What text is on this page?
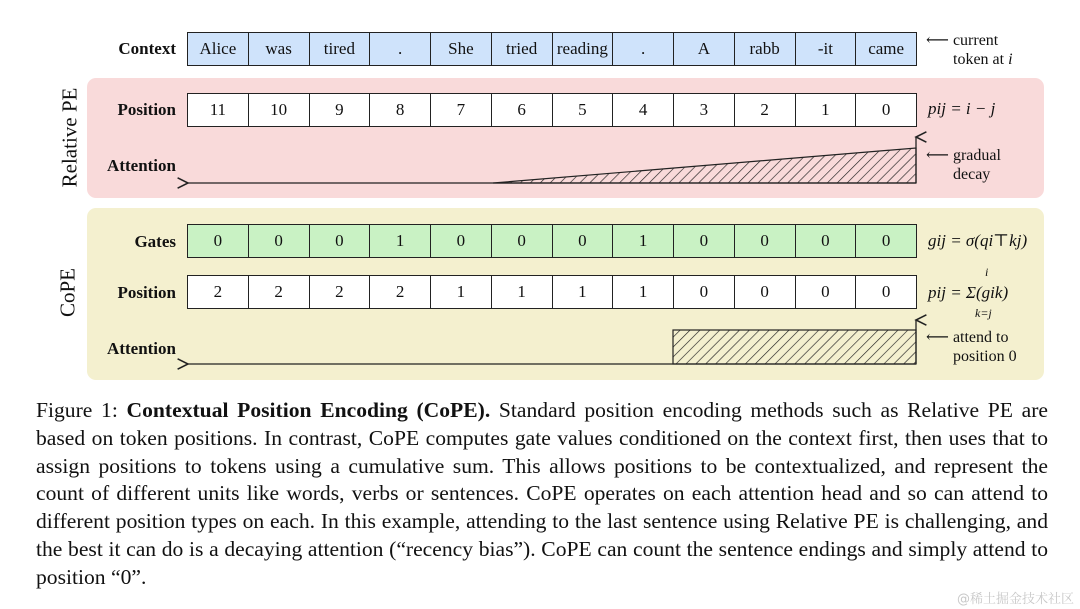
Relative PE
CoPE
Context	Alice	was	tired	.	She	tried	reading	.	A	rabb	-it	came	⟵ current
token at i
Position	11	10	9	8	7	6	5	4	3	2	1	0	pij = i − j
Attention
⟵ gradual
decay
Gates	0	0	0	1	0	0	0	1	0	0	0	0	gij = σ(qi⊤kj)
Position	2	2	2	2	1	1	1	1	0	0	0	0	pij = Σ(gik)
i
k=j
Attention
⟵ attend to
position 0
Figure 1: Contextual Position Encoding (CoPE). Standard position encoding methods such as Relative PE are based on token positions. In contrast, CoPE computes gate values conditioned on the context first, then uses that to assign positions to tokens using a cumulative sum. This allows positions to be contextualized, and represent the count of different units like words, verbs or sentences. CoPE operates on each attention head and so can attend to different position types on each. In this example, attending to the last sentence using Relative PE is challenging, and the best it can do is a decaying attention (“recency bias”). CoPE can count the sentence endings and simply attend to position “0”.
@稀土掘金技术社区
